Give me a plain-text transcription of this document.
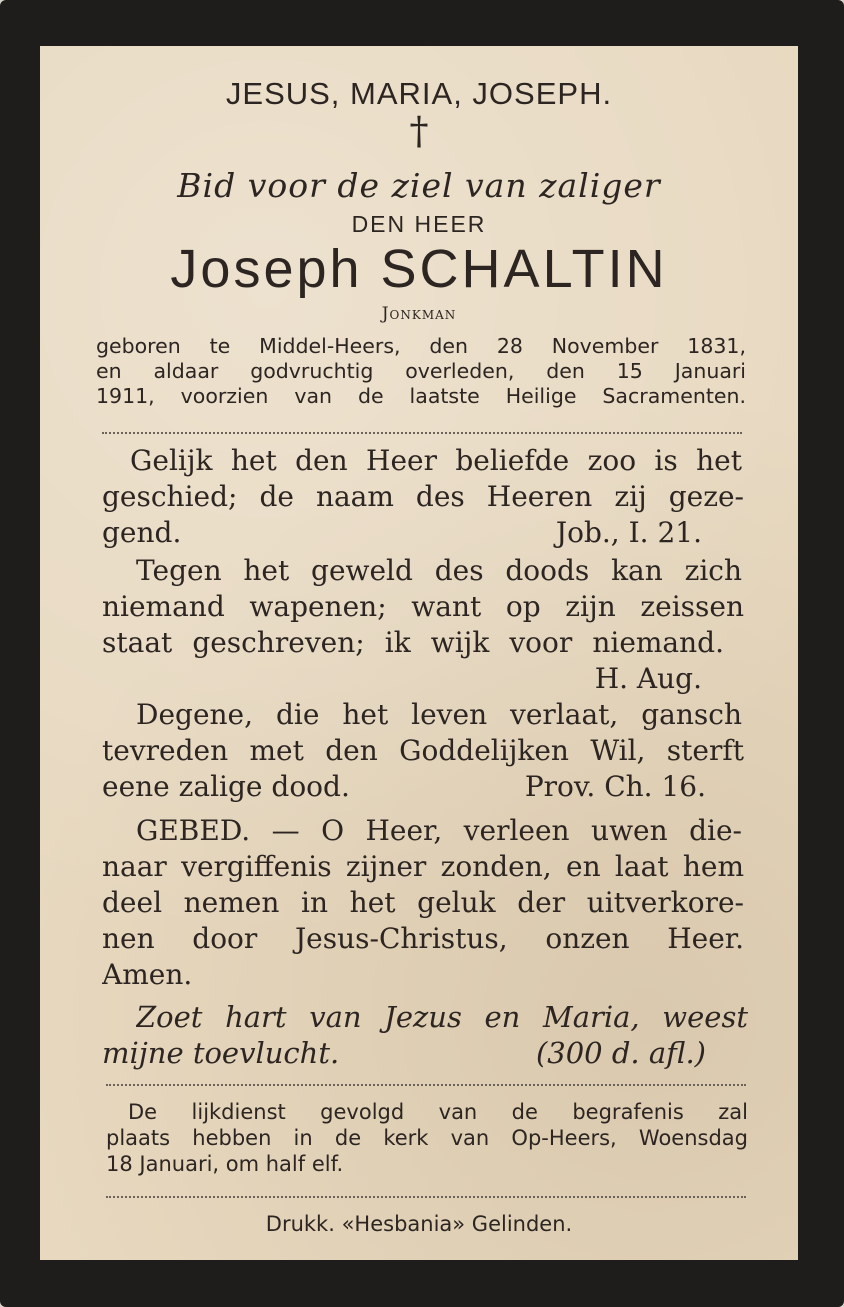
JESUS, MARIA, JOSEPH.
†
Bid voor de ziel van zaliger
DEN HEER
Joseph SCHALTIN
Jonkman
geboren te Middel-Heers, den 28 November 1831,
en aldaar godvruchtig overleden, den 15 Januari
1911, voorzien van de laatste Heilige Sacramenten.
Gelijk het den Heer beliefde zoo is het
geschied; de naam des Heeren zij geze-
gend.	Job., I. 21.
Tegen het geweld des doods kan zich
niemand wapenen; want op zijn zeissen
staat geschreven; ik wijk voor niemand.
H. Aug.
Degene, die het leven verlaat, gansch
tevreden met den Goddelijken Wil, sterft
eene zalige dood.	Prov. Ch. 16.
GEBED. — O Heer, verleen uwen die-
naar vergiffenis zijner zonden, en laat hem
deel nemen in het geluk der uitverkore-
nen door Jesus-Christus, onzen Heer.
Amen.
Zoet hart van Jezus en Maria, weest
mijne toevlucht.	(300 d. afl.)
De lijkdienst gevolgd van de begrafenis zal
plaats hebben in de kerk van Op-Heers, Woensdag
18 Januari, om half elf.
Drukk. «Hesbania» Gelinden.
